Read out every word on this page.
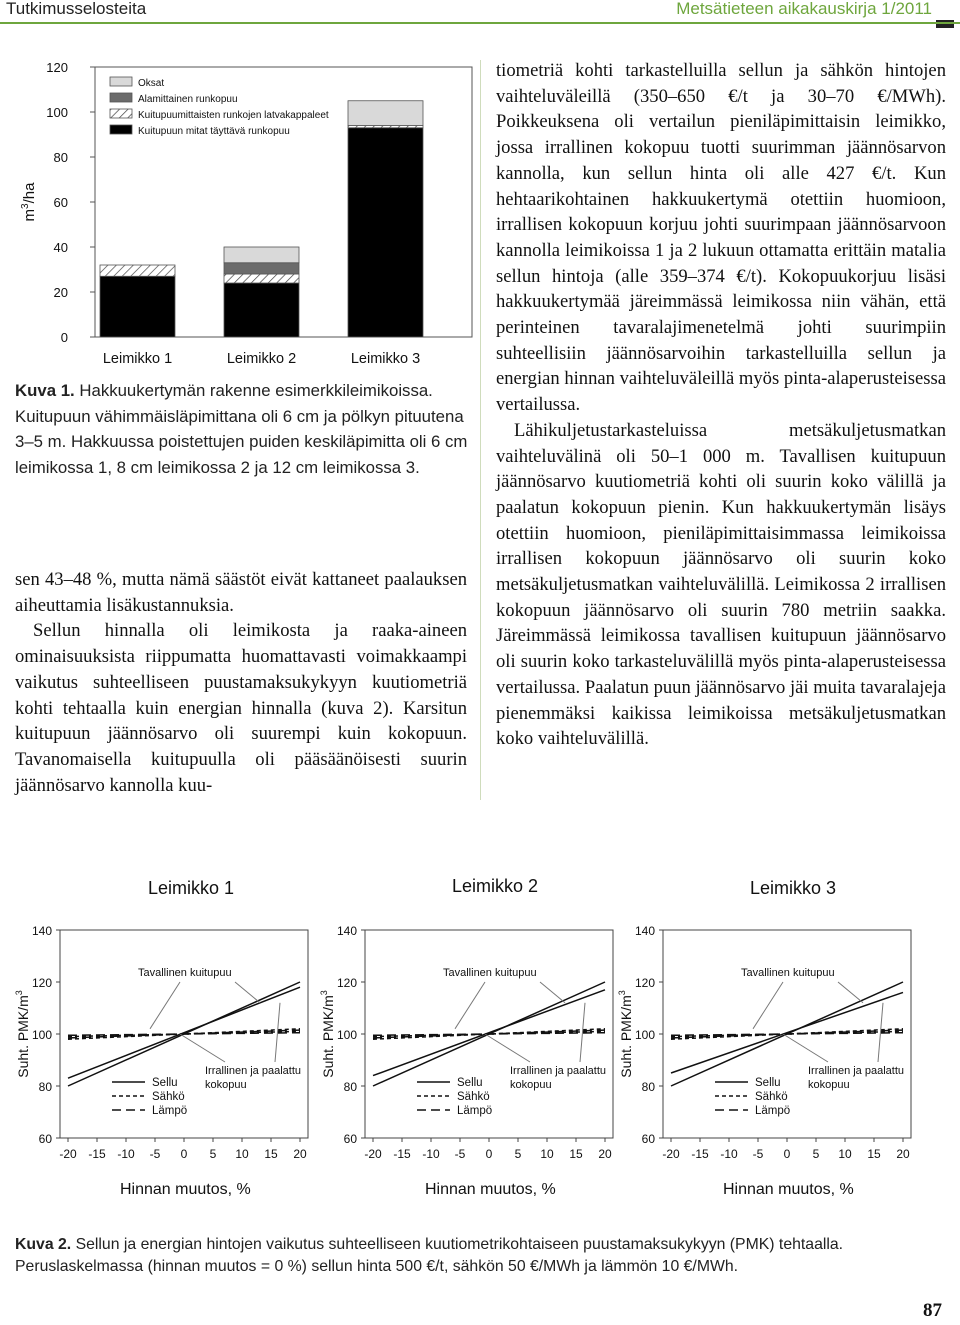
Tutkimusselosteita	Metsätieteen aikakauskirja 1/2011
0
20
40
60
80
100
120
$m^3/ha$
Leimikko 1	Leimikko 2	Leimikko 3
Oksat
Alamittainen runkopuu
Kuitupuumittaisten runkojen latvakappaleet
Kuitupuun mitat täyttävä runkopuu
Kuva 1. Hakkuukertymän rakenne esimerkkileimikoissa. Kuitupuun vähimmäisläpimittana oli 6 cm ja pölkyn pituutena 3–5 m. Hakkuussa poistettujen puiden keskiläpimitta oli 6 cm leimikossa 1, 8 cm leimikossa 2 ja 12 cm leimikossa 3.

sen 43–48 %, mutta nämä säästöt eivät kattaneet paalauksen aiheuttamia lisäkustannuksia.

Sellun hinnalla oli leimikosta ja raaka-aineen ominaisuuksista riippumatta huomattavasti voimakkaampi vaikutus suhteelliseen puustamaksukykyyn kuutiometriä kohti tehtaalla kuin energian hinnalla (kuva 2). Karsitun kuitupuun jäännösarvo oli suurempi kuin kokopuun. Tavanomaisella kuitupuulla oli pääsäänöisesti suurin jäännösarvo kannolla kuu-

tiometriä kohti tarkastelluilla sellun ja sähkön hintojen vaihteluväleillä (350–650 €/t ja 30–70 €/MWh). Poikkeuksena oli vertailun pieniläpimittaisin leimikko, jossa irrallinen kokopuu tuotti suurimman jäännösarvon kannolla, kun sellun hinta oli alle 427 €/t. Kun hehtaarikohtainen hakkuukertymä otettiin huomioon, irrallisen kokopuun korjuu johti suurimpaan jäännösarvoon kannolla leimikoissa 1 ja 2 lukuun ottamatta erittäin matalia sellun hintoja (alle 359–374 €/t). Kokopuukorjuu lisäsi hakkuukertymää järeimmässä leimikossa niin vähän, että perinteinen tavaralajimenetelmä johti suurimpiin suhteellisiin jäännösarvoihin tarkastelluilla sellun ja energian hinnan vaihteluväleillä myös pinta-alaperusteisessa vertailussa.

Lähikuljetustarkasteluissa metsäkuljetusmatkan vaihteluvälinä oli 50–1 000 m. Tavallisen kuitupuun jäännösarvo kuutiometriä kohti oli suurin koko välillä ja paalatun kokopuun pienin. Kun hakkuukertymän lisäys otettiin huomioon, pieniläpimittaisimmassa leimikoissa irrallisen kokopuun jäännösarvo oli suurin koko metsäkuljetusmatkan vaihteluvälillä. Leimikossa 2 irrallisen kokopuun jäännösarvo oli suurin 780 metriin saakka. Järeimmässä leimikossa tavallisen kuitupuun jäännösarvo oli suurin koko tarkasteluvälillä myös pinta-alaperusteisessa vertailussa. Paalatun puun jäännösarvo jäi muita tavaralajeja pienemmäksi kaikissa leimikoissa metsäkuljetusmatkan koko vaihteluvälillä.

Leimikko 1
60
80
100
120
140
-20 -15 -10 -5 0 5 10 15 20
Suht. PMK/$m^3$
Hinnan muutos, %
Tavallinen kuitupuu
Irrallinen ja paalattu
kokopuu
Sellu
Sähkö
Lämpö
Leimikko 2
60
80
100
120
140
-20 -15 -10 -5 0 5 10 15 20
Suht. PMK/$m^3$
Hinnan muutos, %
Tavallinen kuitupuu
Irrallinen ja paalattu
kokopuu
Sellu
Sähkö
Lämpö
Leimikko 3
60
80
100
120
140
-20 -15 -10 -5 0 5 10 15 20
Suht. PMK/$m^3$
Hinnan muutos, %
Tavallinen kuitupuu
Irrallinen ja paalattu
kokopuu
Sellu
Sähkö
Lämpö
Kuva 2. Sellun ja energian hintojen vaikutus suhteelliseen kuutiometrikohtaiseen puustamaksukykyyn (PMK) tehtaalla. Peruslaskelmassa (hinnan muutos = 0 %) sellun hinta 500 €/t, sähkön 50 €/MWh ja lämmön 10 €/MWh.
87
